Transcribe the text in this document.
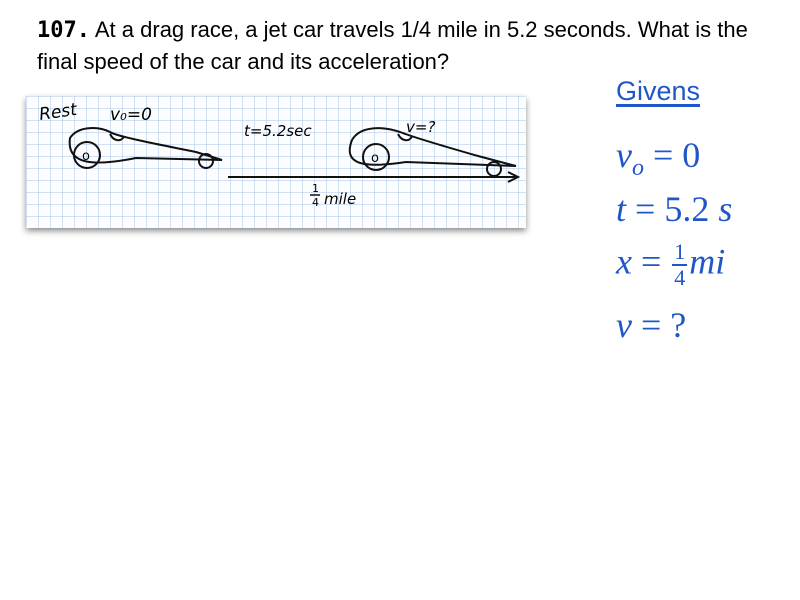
107. At a drag race, a jet car travels 1/4 mile in 5.2 seconds. What is the final speed of the car and its acceleration?
o	o
Rest v₀=0
t=5.2sec	v=?
1
4 mile
Givens
$v_o = 0$
t = 5.2 s
$x = \frac{1}{4}$ mi
v = ?
